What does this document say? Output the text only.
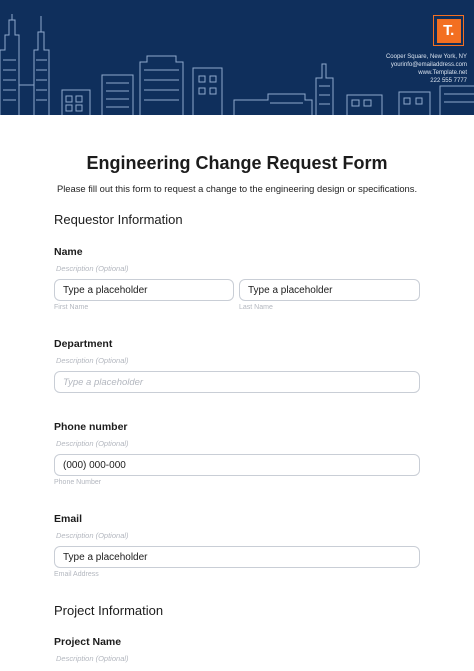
T.
Cooper Square, New York, NY
yourinfo@emailaddress.com
www.Template.net
222 555 7777
Engineering Change Request Form
Please fill out this form to request a change to the engineering design or specifications.
Requestor Information
Name
Description (Optional)
Type a placeholder	Type a placeholder
First Name	Last Name
Department
Description (Optional)
Type a placeholder
Phone number
Description (Optional)
(000) 000-000
Phone Number
Email
Description (Optional)
Type a placeholder
Email Address
Project Information
Project Name
Description (Optional)
